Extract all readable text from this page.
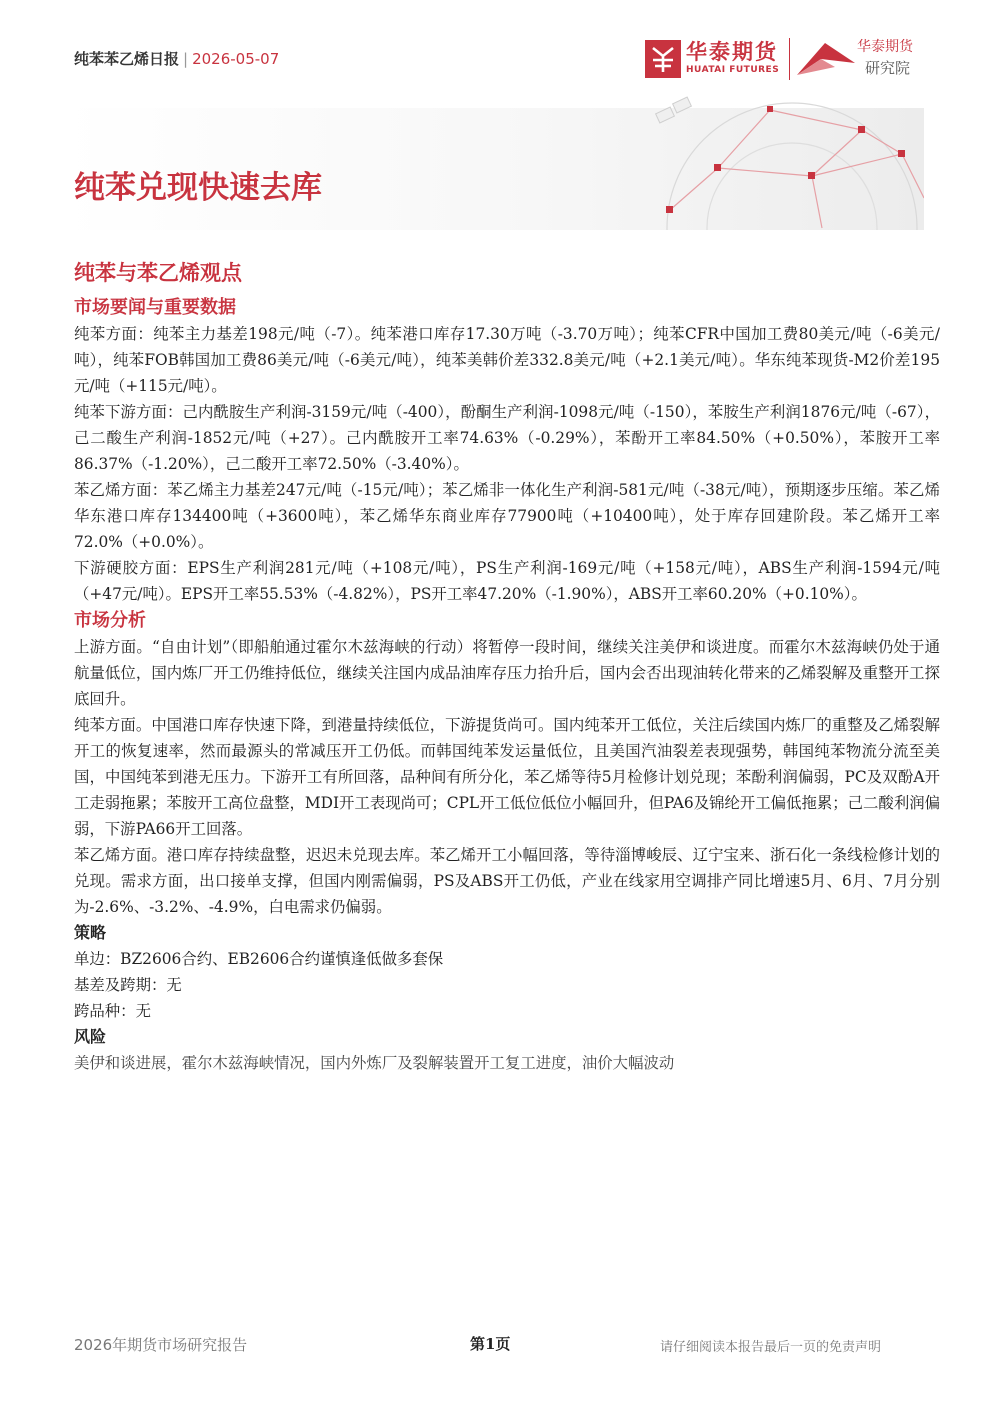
纯苯苯乙烯日报 | 2026-05-07	华泰期货
HUATAI FUTURES
华泰期货
研究院
纯苯兑现快速去库
纯苯与苯乙烯观点
市场要闻与重要数据

纯苯方面：纯苯主力基差198元/吨（-7）。纯苯港口库存17.30万吨（-3.70万吨）；纯苯CFR中国加工费80美元/吨（-6美元/吨），纯苯FOB韩国加工费86美元/吨（-6美元/吨），纯苯美韩价差332.8美元/吨（+2.1美元/吨）。华东纯苯现货-M2价差195元/吨（+115元/吨）。

纯苯下游方面：己内酰胺生产利润-3159元/吨（-400），酚酮生产利润-1098元/吨（-150），苯胺生产利润1876元/吨（-67），己二酸生产利润-1852元/吨（+27）。己内酰胺开工率74.63%（-0.29%），苯酚开工率84.50%（+0.50%），苯胺开工率86.37%（-1.20%），己二酸开工率72.50%（-3.40%）。

苯乙烯方面：苯乙烯主力基差247元/吨（-15元/吨）；苯乙烯非一体化生产利润-581元/吨（-38元/吨），预期逐步压缩。苯乙烯华东港口库存134400吨（+3600吨），苯乙烯华东商业库存77900吨（+10400吨），处于库存回建阶段。苯乙烯开工率72.0%（+0.0%）。

下游硬胶方面：EPS生产利润281元/吨（+108元/吨），PS生产利润-169元/吨（+158元/吨），ABS生产利润-1594元/吨（+47元/吨）。EPS开工率55.53%（-4.82%），PS开工率47.20%（-1.90%），ABS开工率60.20%（+0.10%）。

市场分析

上游方面。“自由计划”（即船舶通过霍尔木兹海峡的行动）将暂停一段时间，继续关注美伊和谈进度。而霍尔木兹海峡仍处于通航量低位，国内炼厂开工仍维持低位，继续关注国内成品油库存压力抬升后，国内会否出现油转化带来的乙烯裂解及重整开工探底回升。

纯苯方面。中国港口库存快速下降，到港量持续低位，下游提货尚可。国内纯苯开工低位，关注后续国内炼厂的重整及乙烯裂解开工的恢复速率，然而最源头的常减压开工仍低。而韩国纯苯发运量低位，且美国汽油裂差表现强势，韩国纯苯物流分流至美国，中国纯苯到港无压力。下游开工有所回落，品种间有所分化，苯乙烯等待5月检修计划兑现；苯酚利润偏弱，PC及双酚A开工走弱拖累；苯胺开工高位盘整，MDI开工表现尚可；CPL开工低位低位小幅回升，但PA6及锦纶开工偏低拖累；己二酸利润偏弱，下游PA66开工回落。

苯乙烯方面。港口库存持续盘整，迟迟未兑现去库。苯乙烯开工小幅回落，等待淄博峻辰、辽宁宝来、浙石化一条线检修计划的兑现。需求方面，出口接单支撑，但国内刚需偏弱，PS及ABS开工仍低，产业在线家用空调排产同比增速5月、6月、7月分别为-2.6%、-3.2%、-4.9%，白电需求仍偏弱。

策略
单边：BZ2606合约、EB2606合约谨慎逢低做多套保
基差及跨期：无
跨品种：无
风险
美伊和谈进展，霍尔木兹海峡情况，国内外炼厂及裂解装置开工复工进度，油价大幅波动
2026年期货市场研究报告	第1页	请仔细阅读本报告最后一页的免责声明
